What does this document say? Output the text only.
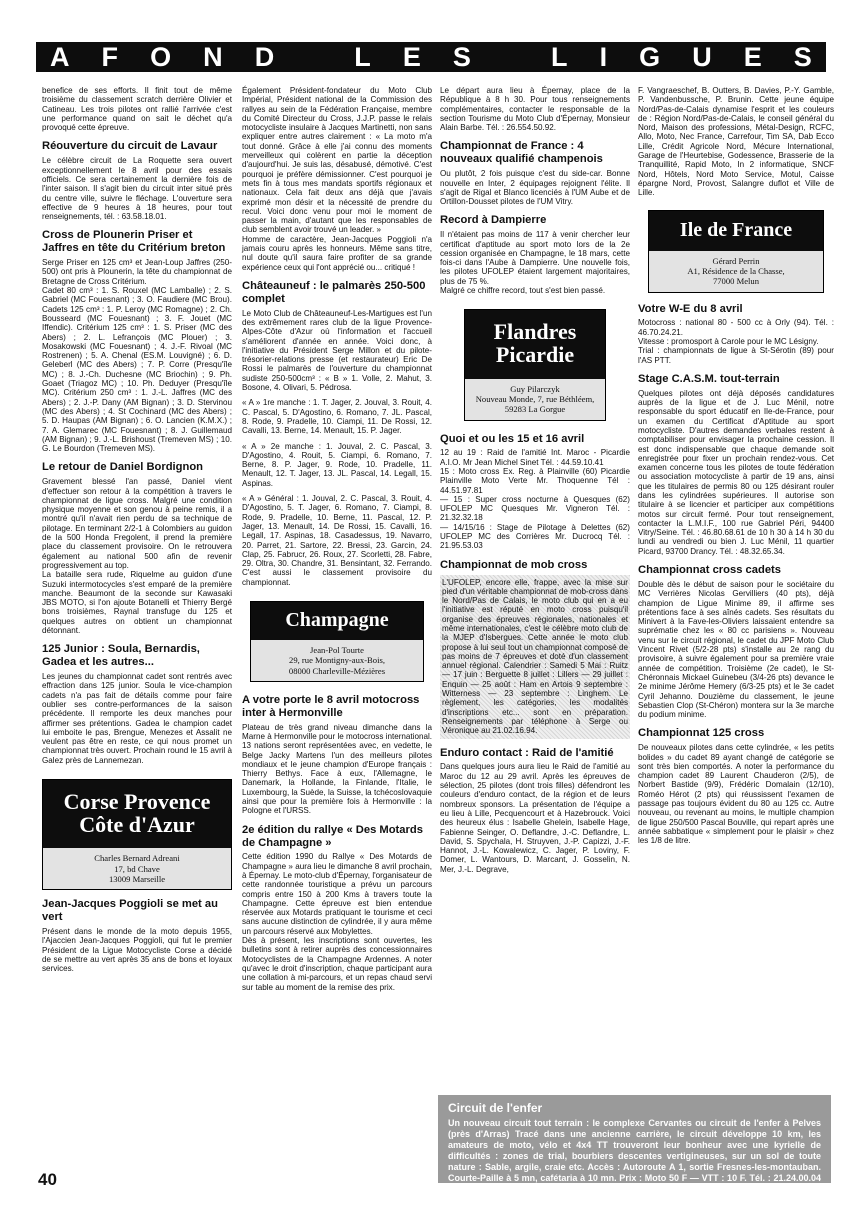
A F O N D	L E S	L I G U E S

benefice de ses efforts. Il finit tout de même troisième du classement scratch derrière Olivier et Catineau. Les trois pilotes ont rallié l'arrivée c'est une performance quand on sait le déchet qu'a provoqué cette épreuve.

Réouverture du circuit de Lavaur

Le célèbre circuit de La Roquette sera ouvert exceptionnellement le 8 avril pour des essais officiels. Ce sera certainement la dernière fois de l'inter saison. Il s'agit bien du circuit inter situé près du centre ville, suivre le fléchage. L'ouverture sera effective de 9 heures à 18 heures, pour tout renseignements, tél. : 63.58.18.01.

Cross de Plounerin Priser et Jaffres en tête du Critérium breton

Serge Priser en 125 cm³ et Jean-Loup Jaffres (250-500) ont pris à Plounerin, la tête du championnat de Bretagne de Cross Critérium.

Cadet 80 cm³ : 1. S. Rouxel (MC Lamballe) ; 2. S. Gabriel (MC Fouesnant) ; 3. O. Faudiere (MC Brou). Cadets 125 cm³ : 1. P. Leroy (MC Romagne) ; 2. Ch. Bousseard (MC Fouesnant) ; 3. F. Jouet (MC Iffendic). Critérium 125 cm³ : 1. S. Priser (MC des Abers) ; 2. L. Lefrançois (MC Plouer) ; 3. Mosakowski (MC Fouesnant) ; 4. J.-F. Rivoal (MC Rostrenen) ; 5. A. Chenal (ES.M. Louvigné) ; 6. D. Geleberl (MC des Abers) ; 7. P. Corre (Presqu'île MC) ; 8. J.-Ch. Duchesne (MC Briochin) ; 9. Ph. Goaet (Triagoz MC) ; 10. Ph. Deduyer (Presqu'île MC). Critérium 250 cm³ : 1. J.-L. Jaffres (MC des Abers) ; 2. J.-P. Dany (AM Bignan) ; 3. D. Stervinou (MC des Abers) ; 4. St Cochinard (MC des Abers) ; 5. D. Haupas (AM Bignan) ; 6. O. Lancien (K.M.X.) ; 7. A. Glemarec (MC Fouesnant) ; 8. J. Guillemaud (AM Bignan) ; 9. J.-L. Brishoust (Tremeven MS) ; 10. G. Le Bourdon (Tremeven MS).

Le retour de Daniel Bordignon

Gravement blessé l'an passé, Daniel vient d'effectuer son retour à la compétition à travers le championnat de ligue cross. Malgré une condition physique moyenne et son genou à peine remis, il a montré qu'il n'avait rien perdu de sa technique de pilotage. En terminant 2/2-1 à Colombiers au guidon de la 500 Honda Fregolent, il prend la première place du classement provisoire. On le retrouvera également au national 500 afin de revenir progressivement au top.

La bataille sera rude, Riquelme au guidon d'une Suzuki intermotocycles s'est emparé de la première manche. Beaumont de la seconde sur Kawasaki JBS MOTO, si l'on ajoute Botanelli et Thierry Bergé bons troisièmes, Raynal transfuge du 125 et quelques autres on obtient un championnat détonnant.

125 Junior : Soula, Bernardis, Gadea et les autres...

Les jeunes du championnat cadet sont rentrés avec effraction dans 125 junior. Soula le vice-champion cadets n'a pas fait de détails comme pour faire oublier ses contre-performances de la saison précédente. Il remporte les deux manches pour affirmer ses prétentions. Gadea le champion cadet lui emboite le pas, Brengue, Menezes et Assalit ne veulent pas être en reste, ce qui nous promet un championnat très ouvert. Prochain round le 15 avril à Galez près de Lannemezan.

Corse Provence Côte d'Azur
Charles Bernard Adreani
17, bd Chave
13009 Marseille
Jean-Jacques Poggioli se met au vert

Présent dans le monde de la moto depuis 1955, l'Ajaccien Jean-Jacques Poggioli, qui fut le premier Président de la Ligue Motocycliste Corse a décidé de se mettre au vert après 35 ans de bons et loyaux services.

Également Président-fondateur du Moto Club Impérial, Président national de la Commission des rallyes au sein de la Fédération Française, membre du Comité Directeur du Cross, J.J.P. passe le relais motocycliste insulaire à Jacques Martinetti, non sans expliquer entre autres clairement : « La moto m'a tout donné. Grâce à elle j'ai connu des moments merveilleux qui colèrent en partie la déception d'aujourd'hui. Je suis las, désabusé, démotivé. C'est pourquoi je préfère démissionner. C'est pourquoi je mets fin à tous mes mandats sportifs régionaux et nationaux. Cela fait deux ans déjà que j'avais exprimé mon désir et la nécessité de prendre du recul. Voici donc venu pour moi le moment de passer la main, d'autant que les responsables de club semblent avoir trouvé un leader. »

Homme de caractère, Jean-Jacques Poggioli n'a jamais couru après les honneurs. Même sans titre, nul doute qu'il saura faire profiter de sa grande expérience ceux qui l'ont apprécié ou... critiqué !

Châteauneuf : le palmarès 250-500 complet

Le Moto Club de Châteauneuf-Les-Martigues est l'un des extrêmement rares club de la ligue Provence-Alpes-Côte d'Azur où l'information et l'accueil s'améliorent d'année en année. Voici donc, à l'initiative du Président Serge Millon et du pilote-trésorier-relations presse (et restaurateur) Eric De Rossi le palmarès de l'ouverture du championnat sudiste 250-500cm³ : « B » 1. Volle, 2. Mahut, 3. Bosone, 4. Olivari, 5. Pédrosa.

« A » 1re manche : 1. T. Jager, 2. Jouval, 3. Rouit, 4. C. Pascal, 5. D'Agostino, 6. Romano, 7. JL. Pascal, 8. Rode, 9. Pradelle, 10. Ciampi, 11. De Rossi, 12. Cavalli, 13. Berne, 14. Menault, 15. P. Jager.

« A » 2e manche : 1. Jouval, 2. C. Pascal, 3. D'Agostino, 4. Rouit, 5. Ciampi, 6. Romano, 7. Berne, 8. P. Jager, 9. Rode, 10. Pradelle, 11. Menault, 12. T. Jager, 13. JL. Pascal, 14. Legall, 15. Aspinas.

« A » Général : 1. Jouval, 2. C. Pascal, 3. Rouit, 4. D'Agostino, 5. T. Jager, 6. Romano, 7. Ciampi, 8. Rode, 9. Pradelle, 10. Berne, 11. Pascal, 12. P. Jager, 13. Menault, 14. De Rossi, 15. Cavalli, 16. Legall, 17. Aspinas, 18. Casadessus, 19. Navarro, 20. Parret, 21. Sartore, 22. Bressi, 23. Garcin, 24. Clap, 25. Fabrucr, 26. Roux, 27. Scorletti, 28. Fabre, 29. Oltra, 30. Chandre, 31. Bensintant, 32. Ferrando. C'est aussi le classement provisoire du championnat.

Champagne
Jean-Pol Tourte
29, rue Montigny-aux-Bois,
08000 Charleville-Mézières
A votre porte le 8 avril motocross inter à Hermonville

Plateau de très grand niveau dimanche dans la Marne à Hermonville pour le motocross international. 13 nations seront représentées avec, en vedette, le Belge Jacky Martens l'un des meilleurs pilotes mondiaux et le jeune champion d'Europe français : Thierry Bethys. Face à eux, l'Allemagne, le Danemark, la Hollande, la Finlande, l'Italie, le Luxembourg, la Suède, la Suisse, la tchécoslovaquie ainsi que pour la première fois à Hermonville : la Pologne et l'URSS.

2e édition du rallye « Des Motards de Champagne »

Cette édition 1990 du Rallye « Des Motards de Champagne » aura lieu le dimanche 8 avril prochain, à Épernay. Le moto-club d'Épernay, l'organisateur de cette randonnée touristique a prévu un parcours compris entre 150 à 200 Kms à travers toute la Champagne. Cette épreuve est bien entendue réservée aux Motards pratiquant le tourisme et ceci sans aucune distinction de cylindrée, il y aura même un parcours réservé aux Mobylettes.

Dès à présent, les inscriptions sont ouvertes, les bulletins sont à retirer auprès des concessionnaires Motocyclistes de la Champagne Ardennes. A noter qu'avec le droit d'inscription, chaque participant aura une collation à mi-parcours, et un repas chaud servi sur table au moment de la remise des prix.

Le départ aura lieu à Épernay, place de la République à 8 h 30. Pour tous renseignements complémentaires, contacter le responsable de la section Tourisme du Moto Club d'Épernay, Monsieur Alain Barbe. Tél. : 26.554.50.92.

Championnat de France : 4 nouveaux qualifié champenois

Ou plutôt, 2 fois puisque c'est du side-car. Bonne nouvelle en Inter, 2 équipages rejoignent l'élite. Il s'agit de Rigal et Blanco licenciés à l'UM Aube et de Ortillon-Dousset pilotes de l'UM Vitry.

Record à Dampierre

Il n'étaient pas moins de 117 à venir chercher leur certificat d'aptitude au sport moto lors de la 2e cession organisée en Champagne, le 18 mars, cette fois-ci dans l'Aube à Dampierre. Une nouvelle fois, les pilotes UFOLEP étaient largement majoritaires, plus de 75 %.

Malgré ce chiffre record, tout s'est bien passé.

Flandres Picardie
Guy Pilarczyk
Nouveau Monde, 7, rue Béthléem,
59283 La Gorgue
Quoi et ou les 15 et 16 avril

12 au 19 : Raid de l'amitié Int. Maroc - Picardie A.I.O. Mr Jean Michel Sinet Tél. : 44.59.10.41

15 : Moto cross Ex. Reg. à Plainville (60) Picardie Plainville Moto Verte Mr. Thoquenne Tél : 44.51.97.81

— 15 : Super cross nocturne à Quesques (62) UFOLEP MC Quesques Mr. Vigneron Tél. : 21.32.32.18

— 14/15/16 : Stage de Pilotage à Delettes (62) UFOLEP MC des Corrières Mr. Ducrocq Tél. : 21.95.53.03

Championnat de mob cross

L'UFOLEP, encore elle, frappe, avec la mise sur pied d'un véritable championnat de mob-cross dans le Nord/Pas de Calais, le moto club qui en a eu l'initiative est réputé en moto cross puisqu'il organise des épreuves régionales, nationales et même internationales, c'est le célèbre moto club de la MJEP d'Isbergues. Cette année le moto club propose à lui seul tout un championnat composé de pas moins de 7 épreuves et doté d'un classement annuel régional. Calendrier : Samedi 5 Mai : Ruitz — 17 juin : Berguette 8 juillet : Lillers — 29 juillet : Enquin — 25 août : Ham en Artois 9 septembre : Witterness — 23 septembre : Linghem. Le règlement, les catégories, les modalités d'inscriptions etc... sont en préparation. Renseignements par téléphone à Serge ou Véronique au 21.02.16.94.

Enduro contact : Raid de l'amitié

Dans quelques jours aura lieu le Raid de l'amitié au Maroc du 12 au 29 avril. Après les épreuves de sélection, 25 pilotes (dont trois filles) défendront les couleurs d'enduro contact, de la région et de leurs nombreux sponsors. La présentation de l'équipe a eu lieu à Lille, Pecquencourt et à Hazebrouck. Voici des heureux élus : Isabelle Ghelein, Isabelle Hage, Fabienne Seinger, O. Deflandre, J.-C. Deflandre, L. David, S. Spychala, H. Struyven, J.-P. Capizzi, J.-F. Hannot, J.-L. Kowalewicz, C. Jager, P. Loviny, F. Domer, L. Wantours, D. Marcant, J. Gosselin, N. Mer, J.-L. Degrave,

F. Vangraeschef, B. Outters, B. Davies, P.-Y. Gamble, P. Vandenbussche, P. Brunin. Cette jeune équipe Nord/Pas-de-Calais dynamise l'esprit et les couleurs de : Région Nord/Pas-de-Calais, le conseil général du Nord, Maison des professions, Métal-Design, RCFC, Allo, Moto, Nec France, Carrefour, Tim SA, Dab Ecco Lille, Crédit Agricole Nord, Mécure International, Garage de l'Heurtebise, Godessence, Brasserie de la Tranquillité, Rapid Moto, In 2 informatique, SNCF Nord, Hôtels, Nord Moto Service, Motul, Caisse épargne Nord, Provost, Salangre duflot et Ville de Lille.

Ile de France
Gérard Perrin
A1, Résidence de la Chasse,
77000 Melun
Votre W-E du 8 avril

Motocross : national 80 - 500 cc à Orly (94). Tél. : 46.70.24.21.

Vitesse : promosport à Carole pour le MC Lésigny.

Trial : championnats de ligue à St-Sérotin (89) pour l'AS PTT.

Stage C.A.S.M. tout-terrain

Quelques pilotes ont déjà déposés candidatures auprès de la ligue et de J. Luc Ménil, notre responsable du sport éducatif en Ile-de-France, pour un examen du Certificat d'Aptitude au sport motocycliste. D'autres demandes verbales restent à comptabiliser pour envisager la prochaine cession. Il est donc indispensable que chaque demande soit enregistrée pour fixer un prochain rendez-vous. Cet examen concerne tous les pilotes de toute fédération ou association motocycliste à partir de 19 ans, ainsi que les titulaires de permis 80 ou 125 désirant rouler dans les cylindrées supérieures. Il autorise son titulaire à se licencier et participer aux compétitions motos sur circuit fermé. Pour tout renseignement, contacter la L.M.I.F., 100 rue Gabriel Péri, 94400 Vitry/Seine. Tél. : 46.80.68.61 de 10 h 30 à 14 h 30 du lundi au vendredi ou bien J. Luc Ménil, 11 quartier Picard, 93700 Drancy. Tél. : 48.32.65.34.

Championnat cross cadets

Double dès le début de saison pour le sociétaire du MC Verrières Nicolas Gervilliers (40 pts), déjà champion de Ligue Minime 89, il affirme ses prétentions face à ses aînés cadets. Ses résultats du Minivert à la Fave-les-Oliviers laissaient entendre sa suprématie chez les « 80 cc parisiens ». Nouveau venu sur le circuit régional, le cadet du JPF Moto Club Vincent Rivet (5/2-28 pts) s'installe au 2e rang du provisoire, à suivre également pour sa première vraie année de compétition. Troisième (2e cadet), le St-Chéronnais Mickael Guinebeu (3/4-26 pts) devance le 2e minime Jérôme Hemery (6/3-25 pts) et le 3e cadet Cyril Jehanno. Douzième du classement, le jeune Sebastien Clop (St-Chéron) montera sur la 3e marche du podium minime.

Championnat 125 cross

De nouveaux pilotes dans cette cylindrée, « les petits bolides » du cadet 89 ayant changé de catégorie se sont très bien comportés. A noter la performance du champion cadet 89 Laurent Chauderon (2/5), de Norbert Bastide (9/9), Frédéric Domalain (12/10), Roméo Hérot (2 pts) qui réussissent l'examen de passage pas toujours évident du 80 au 125 cc. Autre nouveau, ou revenant au moins, le multiple champion de ligue 250/500 Pascal Bouville, qui repart après une année sabbatique « simplement pour le plaisir » chez les 1/8 de litre.

Circuit de l'enfer

Un nouveau circuit tout terrain : le complexe Cervantes ou circuit de l'enfer à Pelves (près d'Arras) Tracé dans une ancienne carrière, le circuit développe 10 km, les amateurs de moto, vélo et 4x4 TT trouveront leur bonheur avec une kyrielle de difficultés : zones de trial, bourbiers descentes vertigineuses, sur un sol de toute nature : Sable, argile, craie etc. Accès : Autoroute A 1, sortie Fresnes-les-montauban. Courte-Paille à 5 mn, cafétaria à 10 mn. Prix : Moto 50 F — VTT : 10 F. Tél. : 21.24.00.04 ou 21.58.95.42

40
